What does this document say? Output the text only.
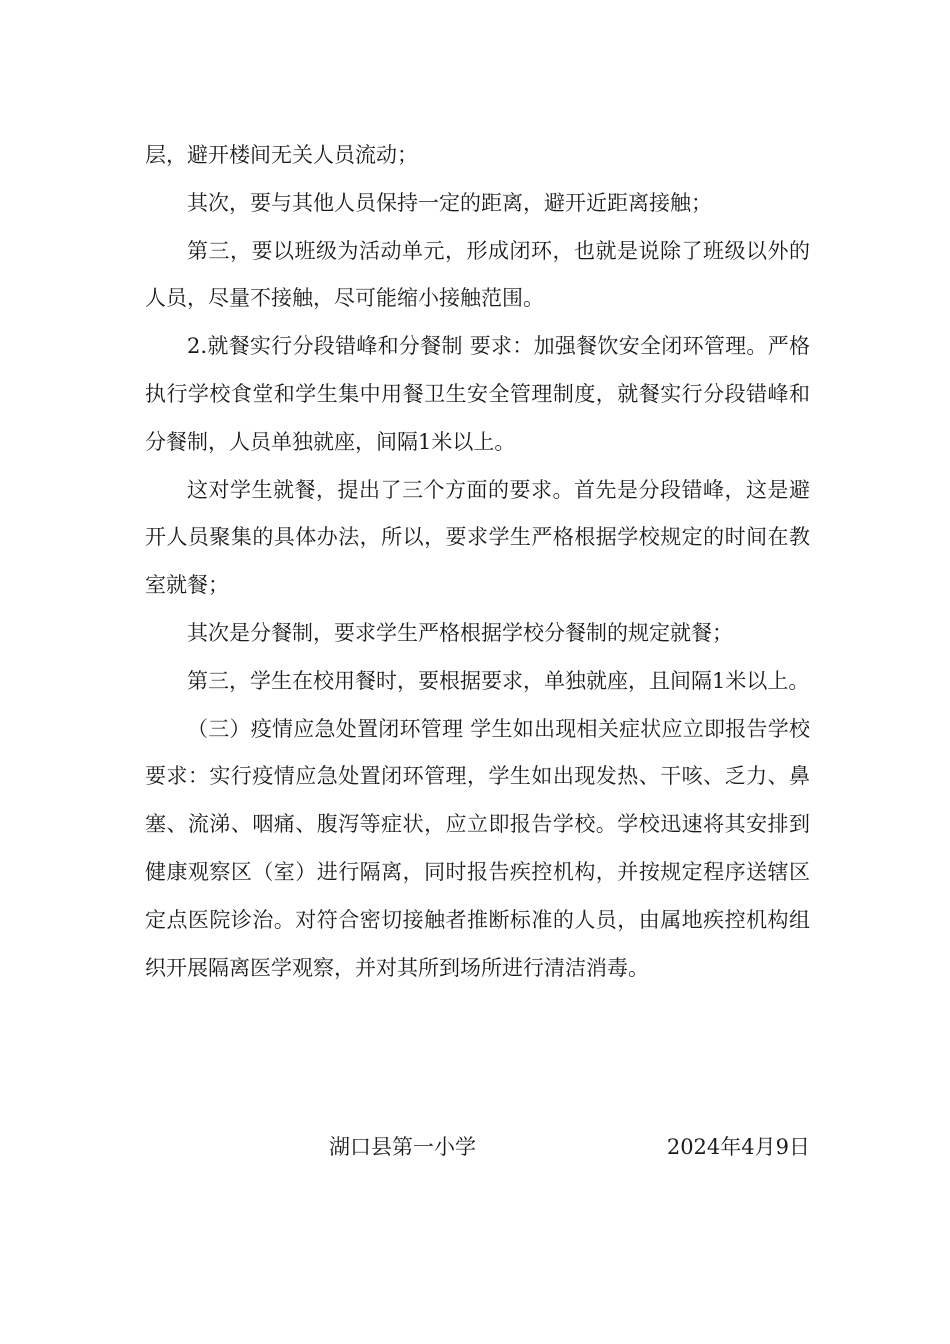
层，避开楼间无关人员流动；

其次，要与其他人员保持一定的距离，避开近距离接触；

第三，要以班级为活动单元，形成闭环，也就是说除了班级以外的人员，尽量不接触，尽可能缩小接触范围。

2.就餐实行分段错峰和分餐制 要求：加强餐饮安全闭环管理。严格执行学校食堂和学生集中用餐卫生安全管理制度，就餐实行分段错峰和分餐制，人员单独就座，间隔1米以上。

这对学生就餐，提出了三个方面的要求。首先是分段错峰，这是避开人员聚集的具体办法，所以，要求学生严格根据学校规定的时间在教室就餐；

其次是分餐制，要求学生严格根据学校分餐制的规定就餐；

第三，学生在校用餐时，要根据要求，单独就座，且间隔1米以上。

（三）疫情应急处置闭环管理 学生如出现相关症状应立即报告学校 要求：实行疫情应急处置闭环管理，学生如出现发热、干咳、乏力、鼻塞、流涕、咽痛、腹泻等症状，应立即报告学校。学校迅速将其安排到健康观察区（室）进行隔离，同时报告疾控机构，并按规定程序送辖区定点医院诊治。对符合密切接触者推断标准的人员，由属地疾控机构组织开展隔离医学观察，并对其所到场所进行清洁消毒。

湖口县第一小学	2024年4月9日
